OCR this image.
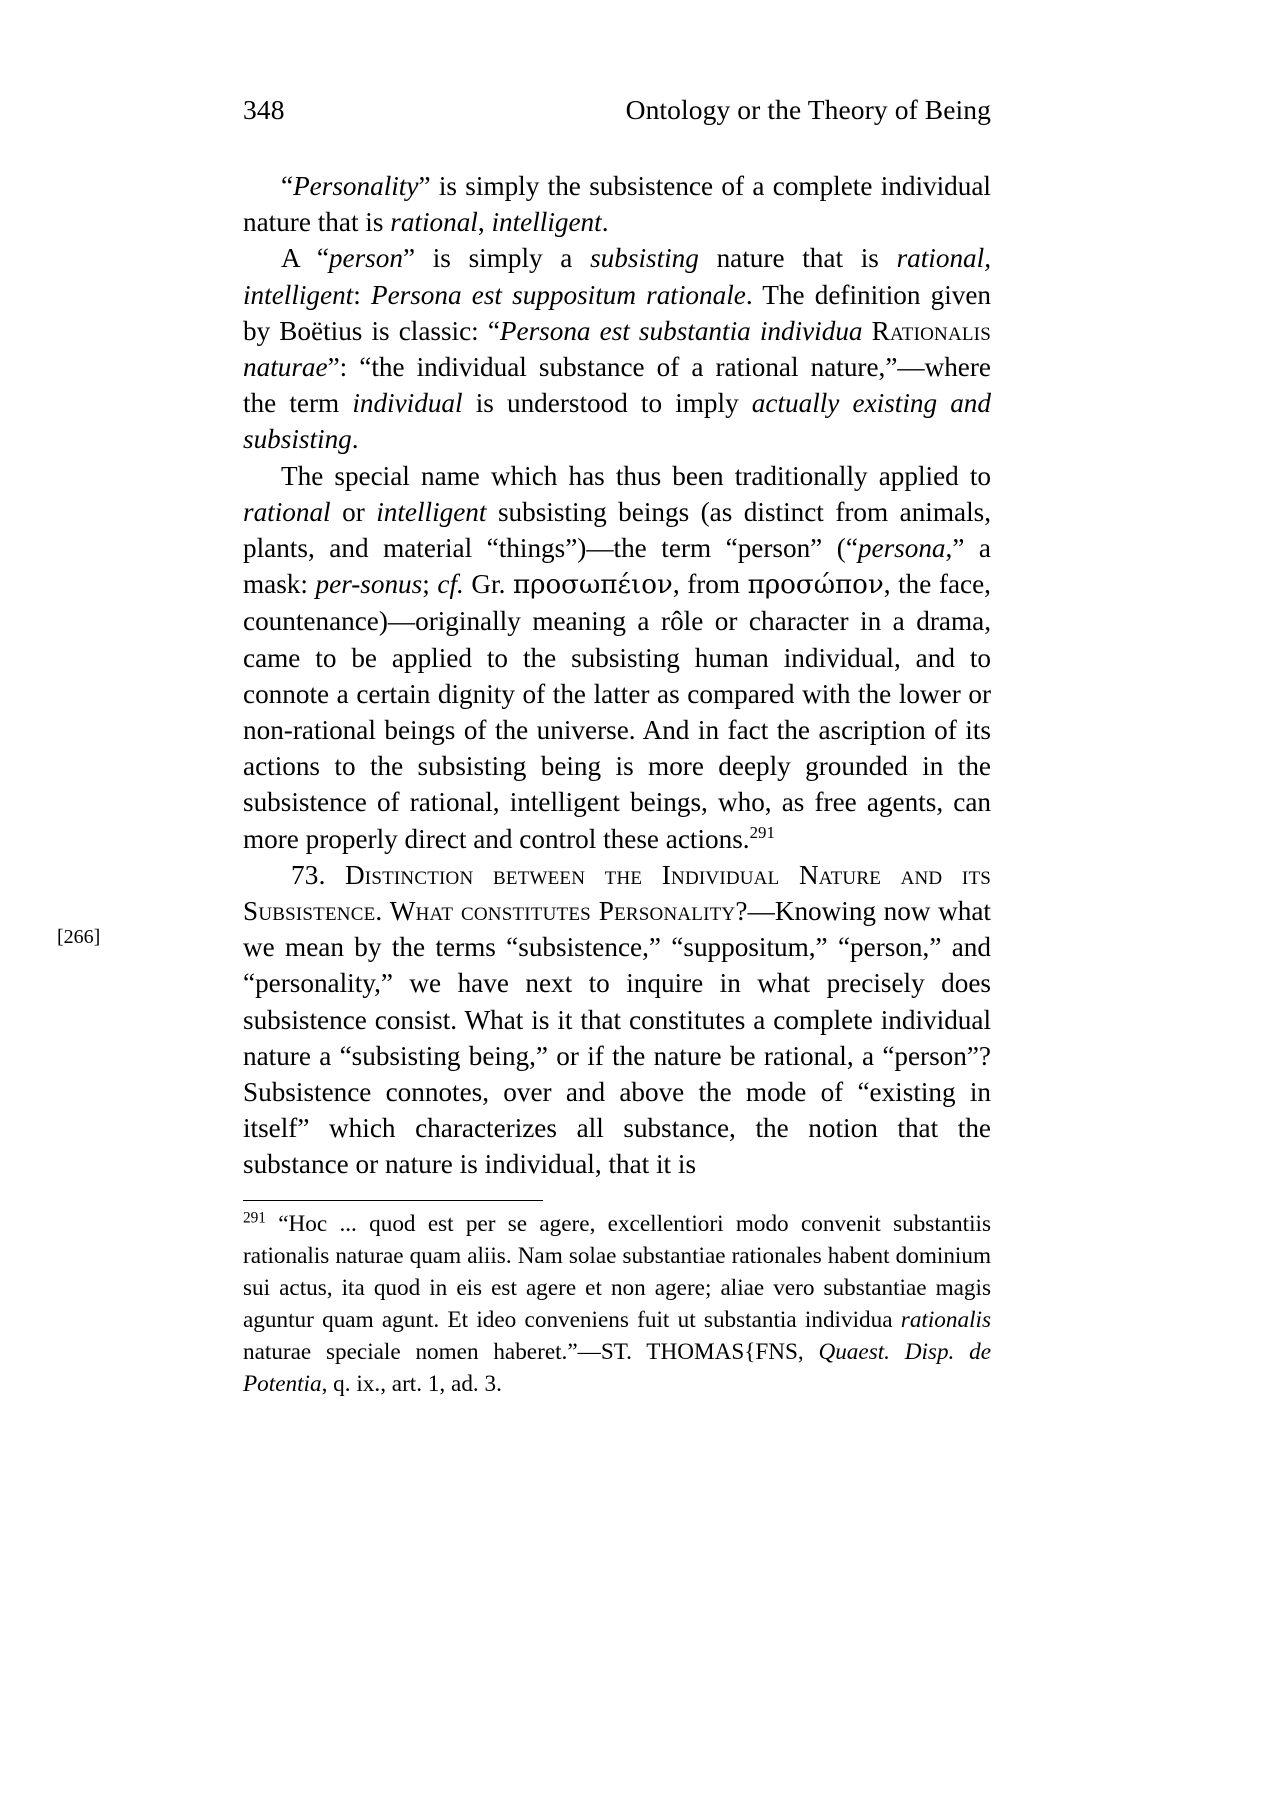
348	Ontology or the Theory of Being
[266]

“Personality” is simply the subsistence of a complete individual nature that is rational, intelligent.

A “person” is simply a subsisting nature that is rational, intelligent: Persona est suppositum rationale. The definition given by Boëtius is classic: “Persona est substantia individua Rationalis naturae”: “the individual substance of a rational nature,”—where the term individual is understood to imply actually existing and subsisting.

The special name which has thus been traditionally applied to rational or intelligent subsisting beings (as distinct from animals, plants, and material “things”)—the term “person” (“persona,” a mask: per-sonus; cf. Gr. προσωπέιον, from προσώπον, the face, countenance)—originally meaning a rôle or character in a drama, came to be applied to the subsisting human individual, and to connote a certain dignity of the latter as compared with the lower or non-rational beings of the universe. And in fact the ascription of its actions to the subsisting being is more deeply grounded in the subsistence of rational, intelligent beings, who, as free agents, can more properly direct and control these actions.$^{291}$

73. Distinction between the Individual Nature and its Subsistence. What constitutes Personality?—Knowing now what we mean by the terms “subsistence,” “suppositum,” “person,” and “personality,” we have next to inquire in what precisely does subsistence consist. What is it that constitutes a complete individual nature a “subsisting being,” or if the nature be rational, a “person”? Subsistence connotes, over and above the mode of “existing in itself” which characterizes all substance, the notion that the substance or nature is individual, that it is

$^{291}$ “Hoc ... quod est per se agere, excellentiori modo convenit substantiis rationalis naturae quam aliis. Nam solae substantiae rationales habent dominium sui actus, ita quod in eis est agere et non agere; aliae vero substantiae magis aguntur quam agunt. Et ideo conveniens fuit ut substantia individua rationalis naturae speciale nomen haberet.”—ST. THOMAS{FNS, Quaest. Disp. de Potentia, q. ix., art. 1, ad. 3.
